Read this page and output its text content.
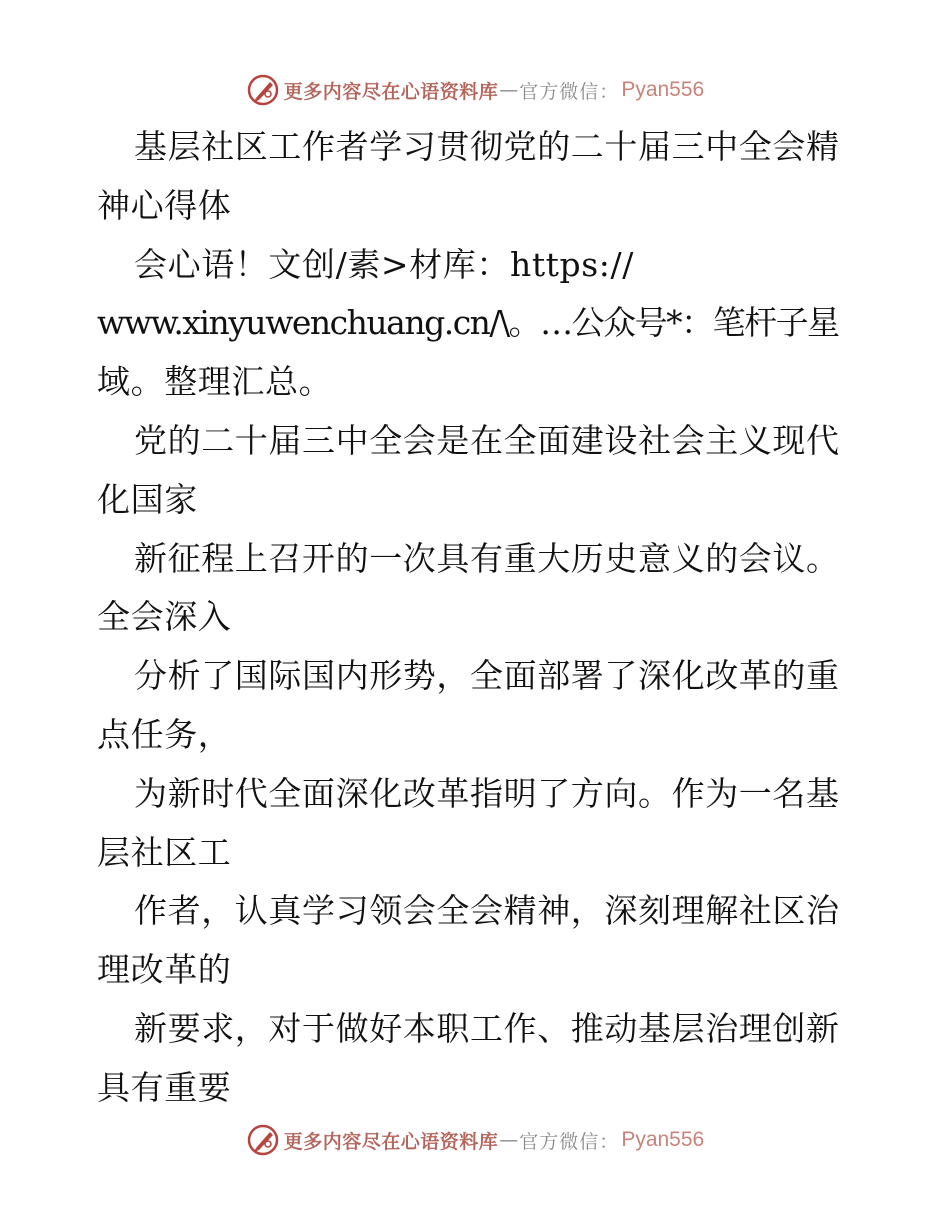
更多内容尽在心语资料库 — 官方微信： Pyan556
基层社区工作者学习贯彻党的二十届三中全会精
神心得体
会心语！文创/素>材库：https://
www.xinyuwenchuang.cn/\。…公众号*：笔杆子星
域。整理汇总。
党的二十届三中全会是在全面建设社会主义现代
化国家
新征程上召开的一次具有重大历史意义的会议。
全会深入
分析了国际国内形势，全面部署了深化改革的重
点任务，
为新时代全面深化改革指明了方向。作为一名基
层社区工
作者，认真学习领会全会精神，深刻理解社区治
理改革的
新要求，对于做好本职工作、推动基层治理创新
具有重要
更多内容尽在心语资料库 — 官方微信： Pyan556
